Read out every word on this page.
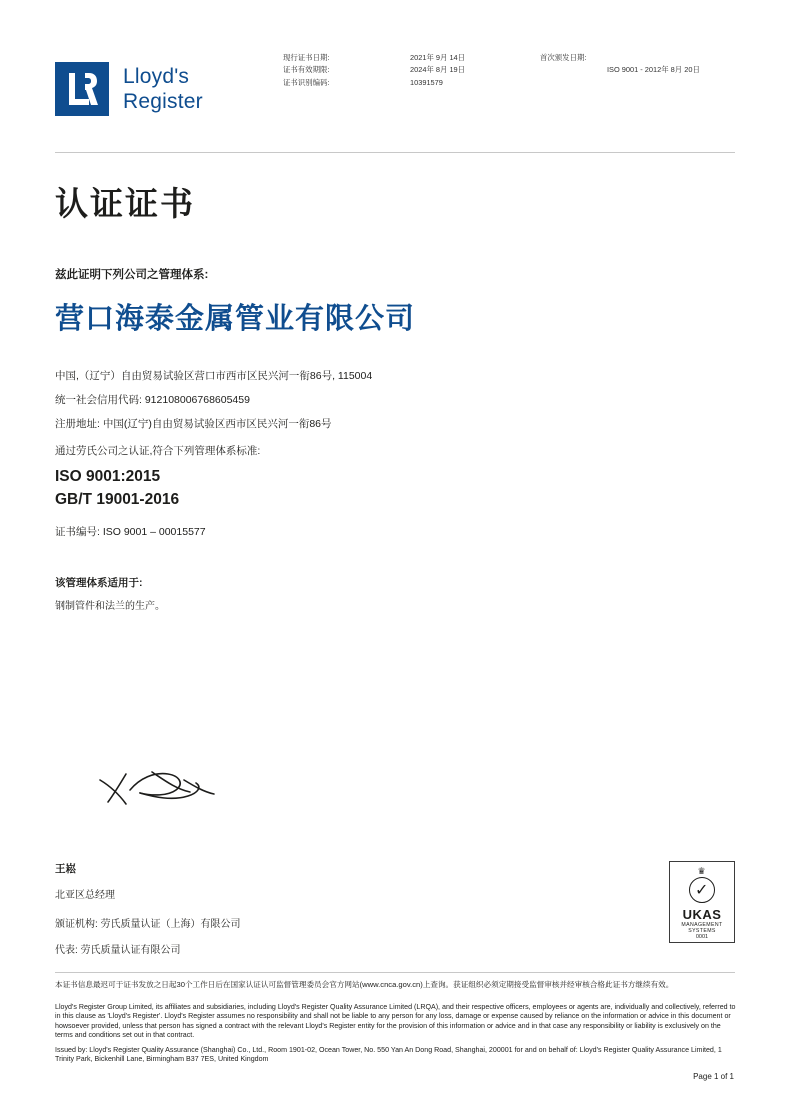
Lloyd's
Register
现行证书日期:
证书有效期限:
证书识别编码:
2021年 9月 14日
2024年 8月 19日
10391579
首次颁发日期:
ISO 9001 - 2012年 8月 20日
认证证书
兹此证明下列公司之管理体系:
营口海泰金属管业有限公司
中国,（辽宁）自由贸易试验区营口市西市区民兴河一衔86号, 115004
统一社会信用代码: 912108006768605459
注册地址: 中国(辽宁)自由贸易试验区西市区民兴河一衔86号
通过劳氏公司之认证,符合下列管理体系标准:
ISO 9001:2015
GB/T 19001-2016
证书编号: ISO 9001 – 00015577
该管理体系适用于:
钢制管件和法兰的生产。
王崧
北亚区总经理
颁证机构: 劳氏质量认证（上海）有限公司
代表: 劳氏质量认证有限公司
♛
✓
UKAS
MANAGEMENT
SYSTEMS
0001
本证书信息最迟可于证书发放之日起30个工作日后在国家认证认可监督管理委员会官方网站(www.cnca.gov.cn)上查询。获证组织必须定期接受监督审核并经审核合格此证书方继续有效。

Lloyd's Register Group Limited, its affiliates and subsidiaries, including Lloyd's Register Quality Assurance Limited (LRQA), and their respective officers, employees or agents are, individually and collectively, referred to in this clause as 'Lloyd's Register'. Lloyd's Register assumes no responsibility and shall not be liable to any person for any loss, damage or expense caused by reliance on the information or advice in this document or howsoever provided, unless that person has signed a contract with the relevant Lloyd's Register entity for the provision of this information or advice and in that case any responsibility or liability is exclusively on the terms and conditions set out in that contract.

Issued by: Lloyd's Register Quality Assurance (Shanghai) Co., Ltd., Room 1901-02, Ocean Tower, No. 550 Yan An Dong Road, Shanghai, 200001 for and on behalf of: Lloyd's Register Quality Assurance Limited, 1 Trinity Park, Bickenhill Lane, Birmingham B37 7ES, United Kingdom

Page 1 of 1
